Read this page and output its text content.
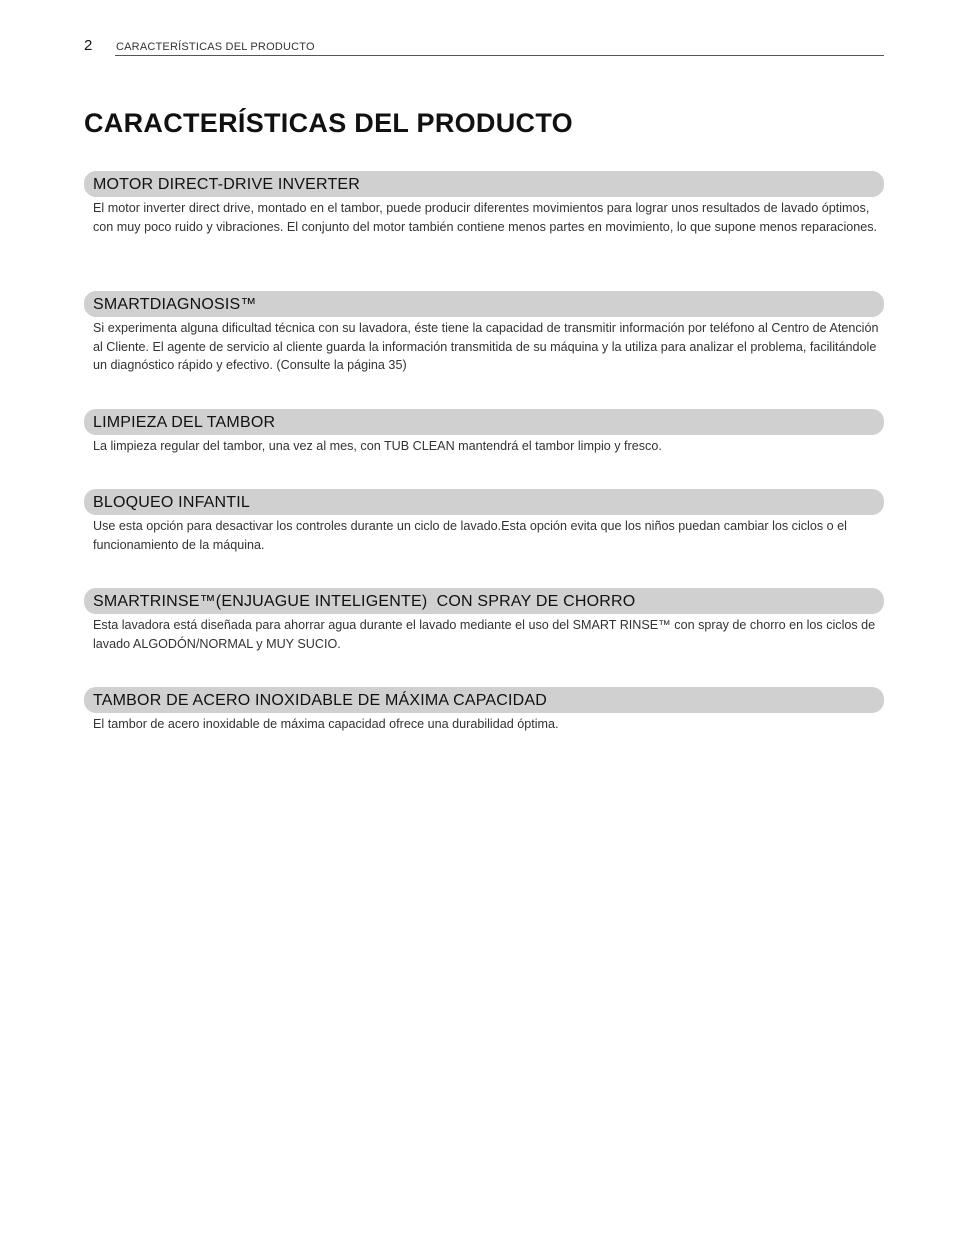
2 CARACTERÍSTICAS DEL PRODUCTO
CARACTERÍSTICAS DEL PRODUCTO
MOTOR DIRECT-DRIVE INVERTER
El motor inverter direct drive, montado en el tambor, puede producir diferentes movimientos para lograr unos resultados de lavado óptimos, con muy poco ruido y vibraciones. El conjunto del motor también contiene menos partes en movimiento, lo que supone menos reparaciones.
SMARTDIAGNOSIS™
Si experimenta alguna dificultad técnica con su lavadora, éste tiene la capacidad de transmitir información por teléfono al Centro de Atención al Cliente. El agente de servicio al cliente guarda la información transmitida de su máquina y la utiliza para analizar el problema, facilitándole un diagnóstico rápido y efectivo. (Consulte la página 35)
LIMPIEZA DEL TAMBOR
La limpieza regular del tambor, una vez al mes, con TUB CLEAN mantendrá el tambor limpio y fresco.
BLOQUEO INFANTIL
Use esta opción para desactivar los controles durante un ciclo de lavado.Esta opción evita que los niños puedan cambiar los ciclos o el funcionamiento de la máquina.
SMARTRINSE™(ENJUAGUE INTELIGENTE)  CON SPRAY DE CHORRO
Esta lavadora está diseñada para ahorrar agua durante el lavado mediante el uso del SMART RINSE™ con spray de chorro en los ciclos de lavado ALGODÓN/NORMAL y MUY SUCIO.
TAMBOR DE ACERO INOXIDABLE DE MÁXIMA CAPACIDAD
El tambor de acero inoxidable de máxima capacidad ofrece una durabilidad óptima.
